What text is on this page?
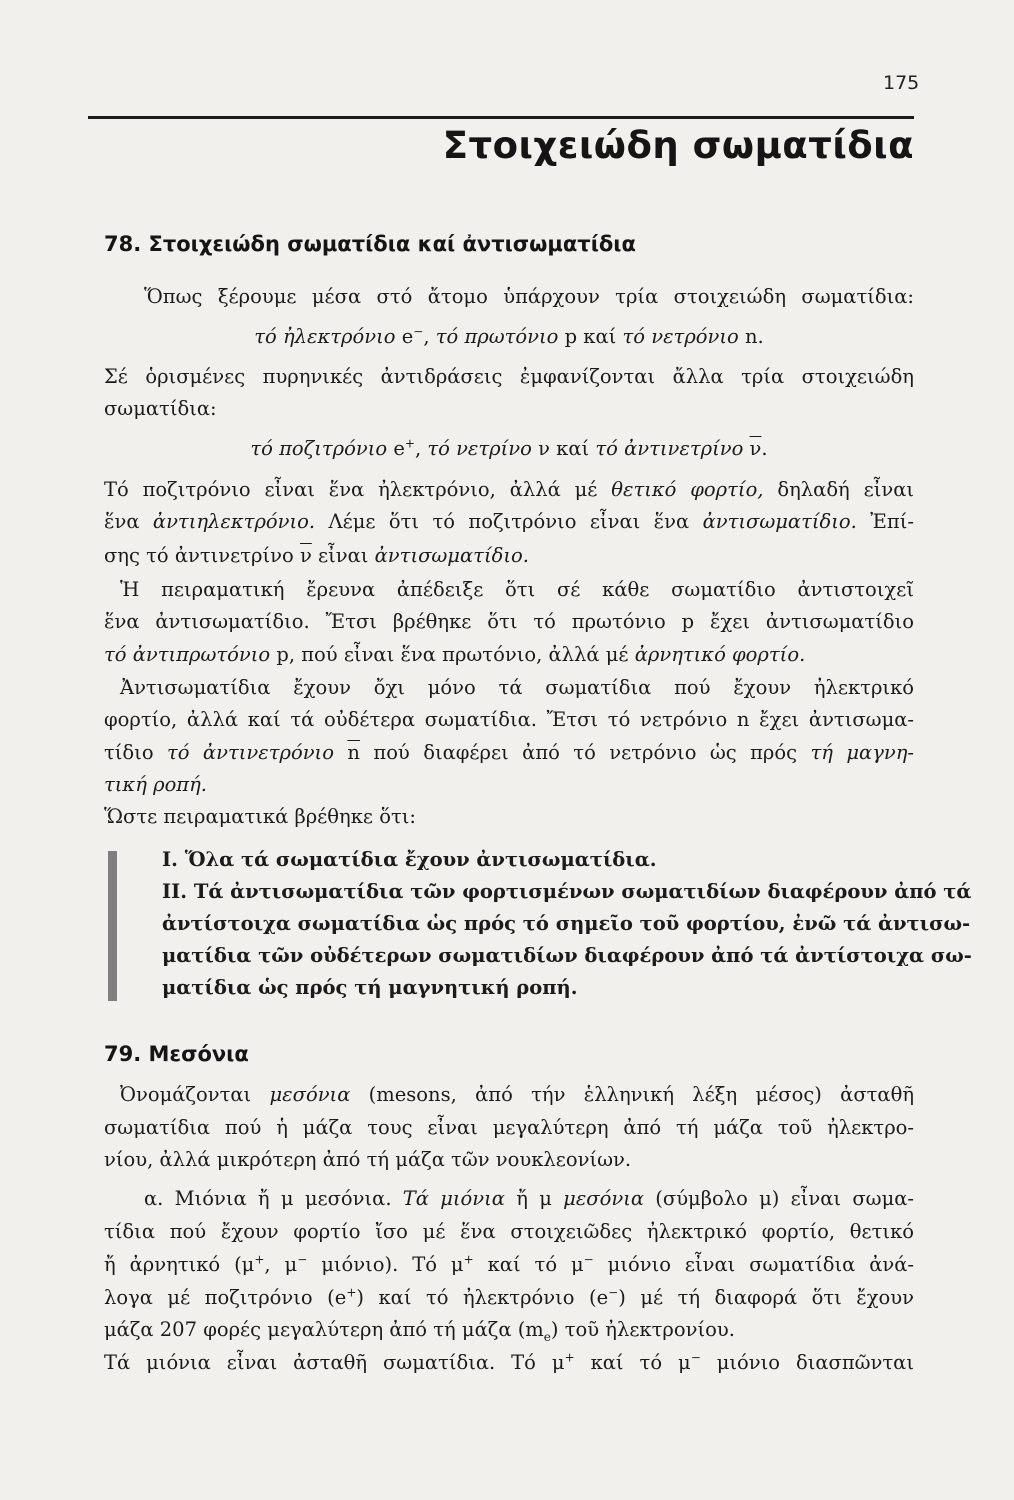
175
Στοιχειώδη σωματίδια
78. Στοιχειώδη σωματίδια καί ἀντισωματίδια
Ὅπως ξέρουμε μέσα στό ἄτομο ὑπάρχουν τρία στοιχειώδη σωματίδια:
τό ἠλεκτρόνιο e−, τό πρωτόνιο p καί τό νετρόνιο n.
Σέ ὁρισμένες πυρηνικές ἀντιδράσεις ἐμφανίζονται ἄλλα τρία στοιχειώδη
σωματίδια:
τό ποζιτρόνιο e+, τό νετρίνο ν καί τό ἀντινετρίνο $\overline{\nu}$.
Τό ποζιτρόνιο εἶναι ἕνα ἠλεκτρόνιο, ἀλλά μέ θετικό φορτίο, δηλαδή εἶναι
ἕνα ἀντιηλεκτρόνιο. Λέμε ὅτι τό ποζιτρόνιο εἶναι ἕνα ἀντισωματίδιο. Ἐπί-
σης τό ἀντινετρίνο $\overline{\nu}$ εἶναι ἀντισωματίδιο.
Ἡ πειραματική ἔρευνα ἀπέδειξε ὅτι σέ κάθε σωματίδιο ἀντιστοιχεῖ
ἕνα ἀντισωματίδιο. Ἔτσι βρέθηκε ὅτι τό πρωτόνιο p ἔχει ἀντισωματίδιο
τό ἀντιπρωτόνιο p, πού εἶναι ἕνα πρωτόνιο, ἀλλά μέ ἀρνητικό φορτίο.
Ἀντισωματίδια ἔχουν ὄχι μόνο τά σωματίδια πού ἔχουν ἠλεκτρικό
φορτίο, ἀλλά καί τά οὐδέτερα σωματίδια. Ἔτσι τό νετρόνιο n ἔχει ἀντισωμα-
τίδιο τό ἀντινετρόνιο $\overline{n}$ πού διαφέρει ἀπό τό νετρόνιο ὡς πρός τή μαγνη-
τική ροπή.
Ὥστε πειραματικά βρέθηκε ὅτι:
Ι. Ὅλα τά σωματίδια ἔχουν ἀντισωματίδια.
ΙΙ. Τά ἀντισωματίδια τῶν φορτισμένων σωματιδίων διαφέρουν ἀπό τά
ἀντίστοιχα σωματίδια ὡς πρός τό σημεῖο τοῦ φορτίου, ἐνῶ τά ἀντισω-
ματίδια τῶν οὐδέτερων σωματιδίων διαφέρουν ἀπό τά ἀντίστοιχα σω-
ματίδια ὡς πρός τή μαγνητική ροπή.
79. Μεσόνια
Ὀνομάζονται μεσόνια (mesons, ἀπό τήν ἑλληνική λέξη μέσος) ἀσταθῆ
σωματίδια πού ἡ μάζα τους εἶναι μεγαλύτερη ἀπό τή μάζα τοῦ ἠλεκτρο-
νίου, ἀλλά μικρότερη ἀπό τή μάζα τῶν νουκλεονίων.
α. Μιόνια ἤ μ μεσόνια. Τά μιόνια ἤ μ μεσόνια (σύμβολο μ) εἶναι σωμα-
τίδια πού ἔχουν φορτίο ἴσο μέ ἕνα στοιχειῶδες ἠλεκτρικό φορτίο, θετικό
ἤ ἀρνητικό (μ+, μ− μιόνιο). Τό μ+ καί τό μ− μιόνιο εἶναι σωματίδια ἀνά-
λογα μέ ποζιτρόνιο (e+) καί τό ἠλεκτρόνιο (e−) μέ τή διαφορά ὅτι ἔχουν
μάζα 207 φορές μεγαλύτερη ἀπό τή μάζα $(m_e)$ τοῦ ἠλεκτρονίου.
Τά μιόνια εἶναι ἀσταθῆ σωματίδια. Τό μ+ καί τό μ− μιόνιο διασπῶνται
